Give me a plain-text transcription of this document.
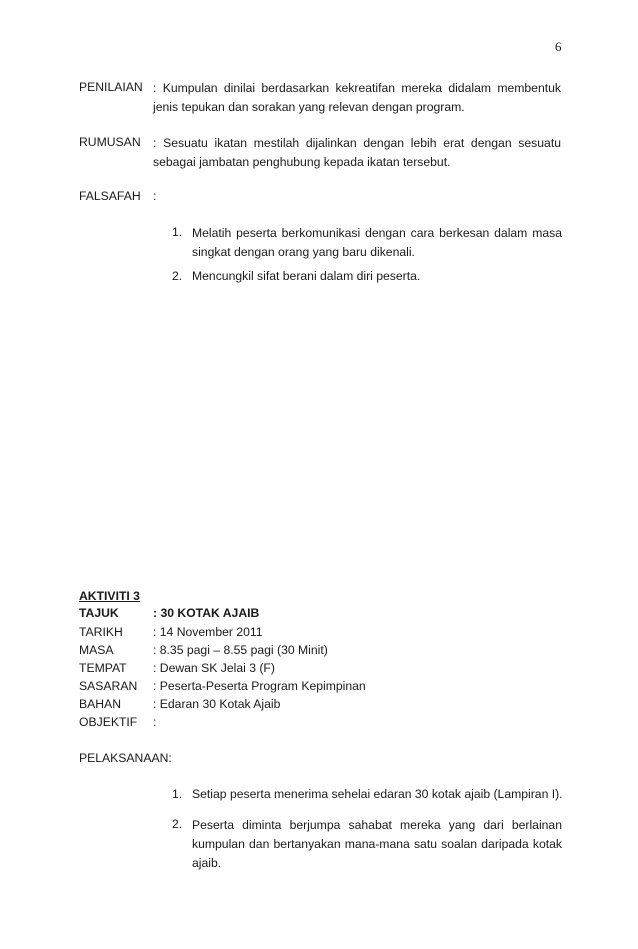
6
PENILAIAN : Kumpulan dinilai berdasarkan kekreatifan mereka didalam membentuk jenis tepukan dan sorakan yang relevan dengan program.
RUMUSAN : Sesuatu ikatan mestilah dijalinkan dengan lebih erat dengan sesuatu sebagai jambatan penghubung kepada ikatan tersebut.
FALSAFAH :
1. Melatih peserta berkomunikasi dengan cara berkesan dalam masa singkat dengan orang yang baru dikenali.
2. Mencungkil sifat berani dalam diri peserta.
AKTIVITI 3
TAJUK	: 30 KOTAK AJAIB
TARIKH : 14 November 2011
MASA	: 8.35 pagi – 8.55 pagi (30 Minit)
TEMPAT : Dewan SK Jelai 3 (F)
SASARAN : Peserta-Peserta Program Kepimpinan
BAHAN	: Edaran 30 Kotak Ajaib
OBJEKTIF :
PELAKSANAAN:
1. Setiap peserta menerima sehelai edaran 30 kotak ajaib (Lampiran I).
2. Peserta diminta berjumpa sahabat mereka yang dari berlainan kumpulan dan bertanyakan mana-mana satu soalan daripada kotak ajaib.
